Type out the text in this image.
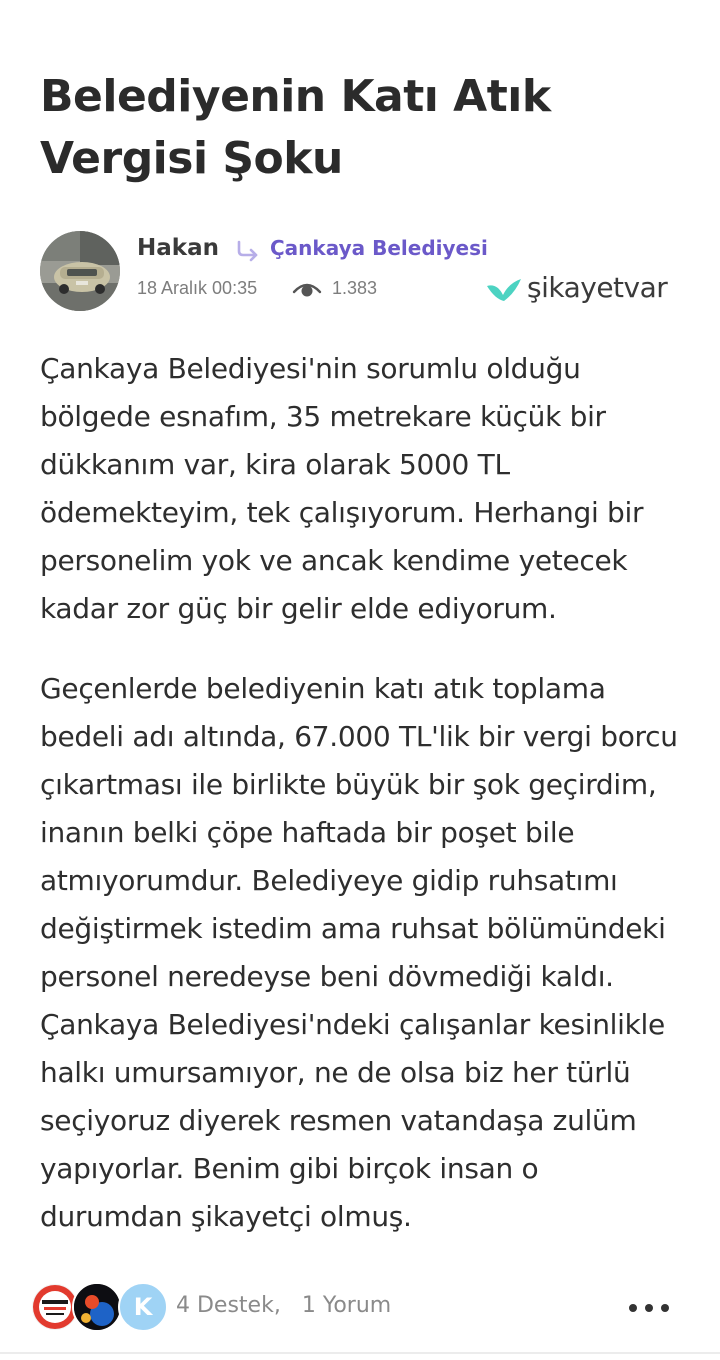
Belediyenin Katı Atık Vergisi Şoku
Hakan	Çankaya Belediyesi
18 Aralık 00:35	1.383	şikayetvar

Çankaya Belediyesi'nin sorumlu olduğu bölgede esnafım, 35 metrekare küçük bir dükkanım var, kira olarak 5000 TL ödemekteyim, tek çalışıyorum. Herhangi bir personelim yok ve ancak kendime yetecek kadar zor güç bir gelir elde ediyorum.

Geçenlerde belediyenin katı atık toplama bedeli adı altında, 67.000 TL'lik bir vergi borcu çıkartması ile birlikte büyük bir şok geçirdim, inanın belki çöpe haftada bir poşet bile atmıyorumdur. Belediyeye gidip ruhsatımı değiştirmek istedim ama ruhsat bölümündeki personel neredeyse beni dövmediği kaldı. Çankaya Belediyesi'ndeki çalışanlar kesinlikle halkı umursamıyor, ne de olsa biz her türlü seçiyoruz diyerek resmen vatandaşa zulüm yapıyorlar. Benim gibi birçok insan o durumdan şikayetçi olmuş.

K	4 Destek, 1 Yorum
